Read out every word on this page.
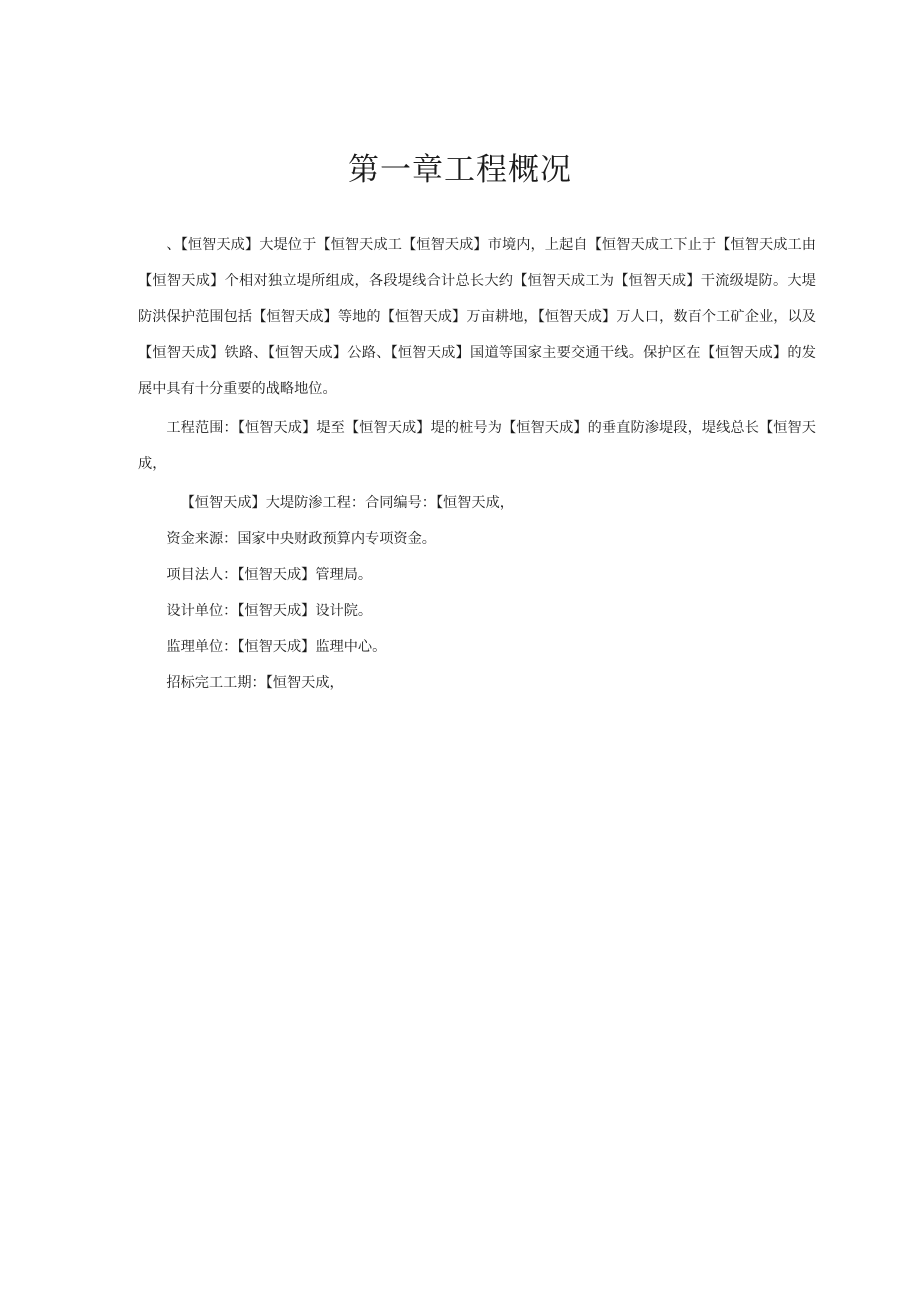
第一章工程概况

、【恒智天成】大堤位于【恒智天成工【恒智天成】市境内，上起自【恒智天成工下止于【恒智天成工由【恒智天成】个相对独立堤所组成，各段堤线合计总长大约【恒智天成工为【恒智天成】干流级堤防。大堤防洪保护范围包括【恒智天成】等地的【恒智天成】万亩耕地，【恒智天成】万人口，数百个工矿企业，以及【恒智天成】铁路、【恒智天成】公路、【恒智天成】国道等国家主要交通干线。保护区在【恒智天成】的发展中具有十分重要的战略地位。

工程范围：【恒智天成】堤至【恒智天成】堤的桩号为【恒智天成】的垂直防渗堤段，堤线总长【恒智天成，

【恒智天成】大堤防渗工程：合同编号：【恒智天成，

资金来源：国家中央财政预算内专项资金。

项目法人：【恒智天成】管理局。

设计单位：【恒智天成】设计院。

监理单位：【恒智天成】监理中心。

招标完工工期：【恒智天成，
